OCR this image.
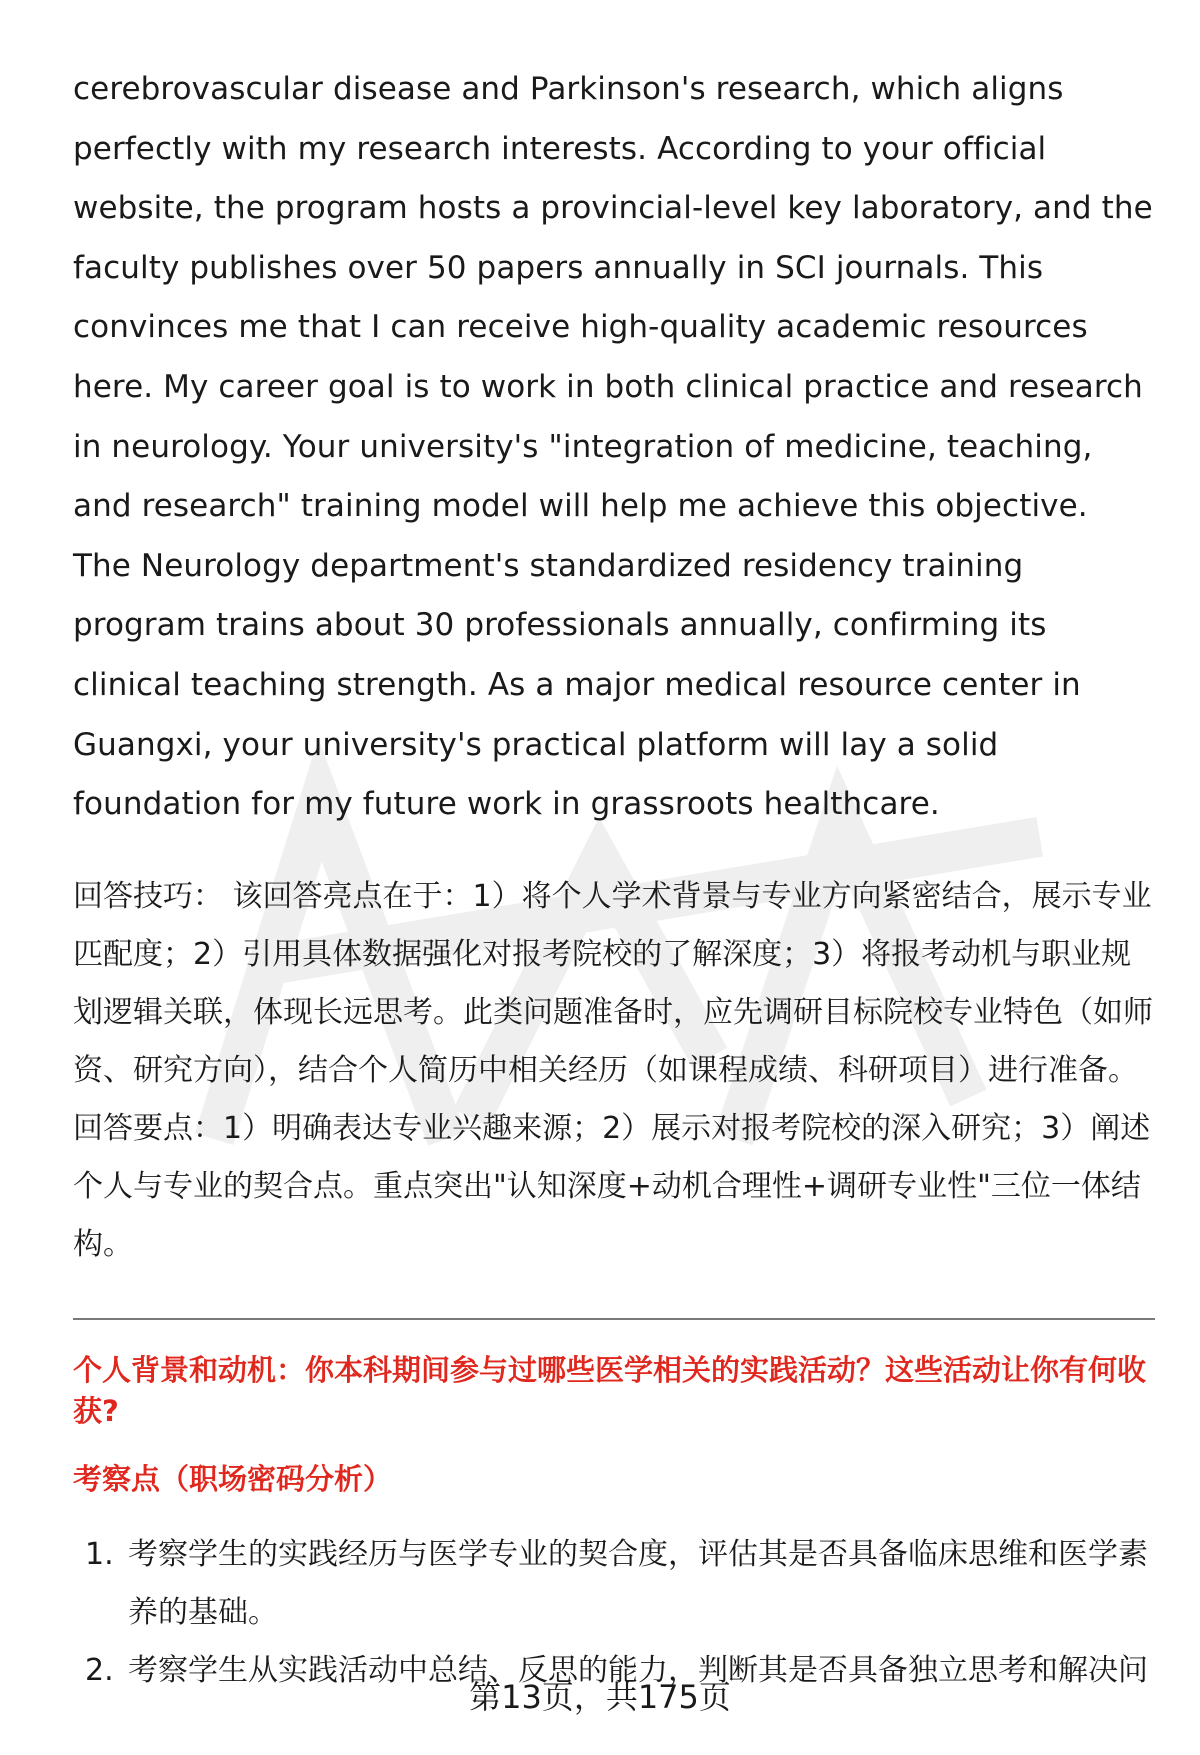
cerebrovascular disease and Parkinson's research, which aligns perfectly with my research interests. According to your official website, the program hosts a provincial-level key laboratory, and the faculty publishes over 50 papers annually in SCI journals. This convinces me that I can receive high-quality academic resources here. My career goal is to work in both clinical practice and research in neurology. Your university's "integration of medicine, teaching, and research" training model will help me achieve this objective. The Neurology department's standardized residency training program trains about 30 professionals annually, confirming its clinical teaching strength. As a major medical resource center in Guangxi, your university's practical platform will lay a solid foundation for my future work in grassroots healthcare.

回答技巧： 该回答亮点在于：1）将个人学术背景与专业方向紧密结合，展示专业匹配度；2）引用具体数据强化对报考院校的了解深度；3）将报考动机与职业规划逻辑关联，体现长远思考。此类问题准备时，应先调研目标院校专业特色（如师资、研究方向），结合个人简历中相关经历（如课程成绩、科研项目）进行准备。
回答要点：1）明确表达专业兴趣来源；2）展示对报考院校的深入研究；3）阐述个人与专业的契合点。重点突出"认知深度+动机合理性+调研专业性"三位一体结构。
个人背景和动机：你本科期间参与过哪些医学相关的实践活动？这些活动让你有何收获?
考察点（职场密码分析）
1. 考察学生的实践经历与医学专业的契合度，评估其是否具备临床思维和医学素养的基础。
2. 考察学生从实践活动中总结、反思的能力，判断其是否具备独立思考和解决问
第13页，共175页
